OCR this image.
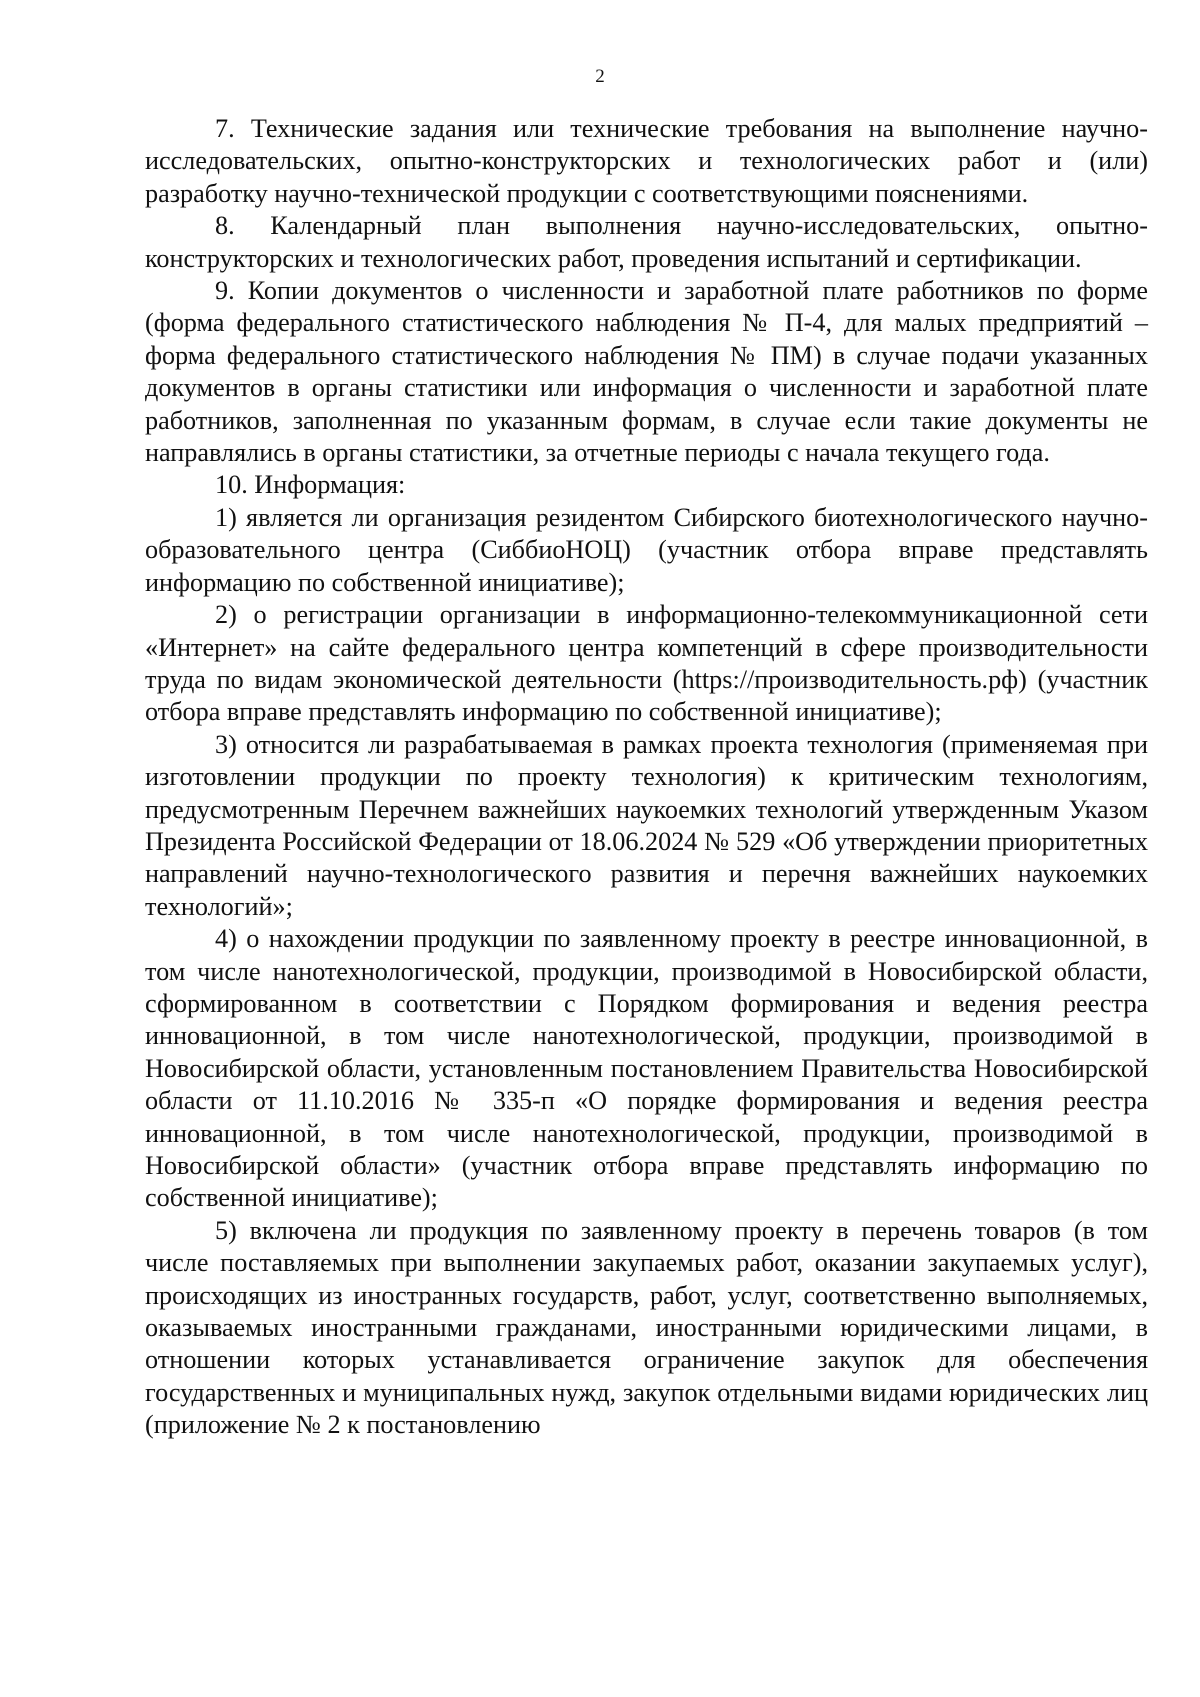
2

7. Технические задания или технические требования на выполнение научно-исследовательских, опытно-конструкторских и технологических работ и (или) разработку научно-технической продукции с соответствующими пояснениями.

8. Календарный план выполнения научно-исследовательских, опытно-конструкторских и технологических работ, проведения испытаний и сертификации.

9. Копии документов о численности и заработной плате работников по форме (форма федерального статистического наблюдения № П-4, для малых предприятий – форма федерального статистического наблюдения № ПМ) в случае подачи указанных документов в органы статистики или информация о численности и заработной плате работников, заполненная по указанным формам, в случае если такие документы не направлялись в органы статистики, за отчетные периоды с начала текущего года.

10. Информация:

1) является ли организация резидентом Сибирского биотехнологического научно-образовательного центра (СиббиоНОЦ) (участник отбора вправе представлять информацию по собственной инициативе);

2) о регистрации организации в информационно-телекоммуникационной сети «Интернет» на сайте федерального центра компетенций в сфере производительности труда по видам экономической деятельности (https://производительность.рф) (участник отбора вправе представлять информацию по собственной инициативе);

3) относится ли разрабатываемая в рамках проекта технология (применяемая при изготовлении продукции по проекту технология) к критическим технологиям, предусмотренным Перечнем важнейших наукоемких технологий утвержденным Указом Президента Российской Федерации от 18.06.2024 № 529 «Об утверждении приоритетных направлений научно-технологического развития и перечня важнейших наукоемких технологий»;

4) о нахождении продукции по заявленному проекту в реестре инновационной, в том числе нанотехнологической, продукции, производимой в Новосибирской области, сформированном в соответствии с Порядком формирования и ведения реестра инновационной, в том числе нанотехнологической, продукции, производимой в Новосибирской области, установленным постановлением Правительства Новосибирской области от 11.10.2016 № 335-п «О порядке формирования и ведения реестра инновационной, в том числе нанотехнологической, продукции, производимой в Новосибирской области» (участник отбора вправе представлять информацию по собственной инициативе);

5) включена ли продукция по заявленному проекту в перечень товаров (в том числе поставляемых при выполнении закупаемых работ, оказании закупаемых услуг), происходящих из иностранных государств, работ, услуг, соответственно выполняемых, оказываемых иностранными гражданами, иностранными юридическими лицами, в отношении которых устанавливается ограничение закупок для обеспечения государственных и муниципальных нужд, закупок отдельными видами юридических лиц (приложение № 2 к постановлению
